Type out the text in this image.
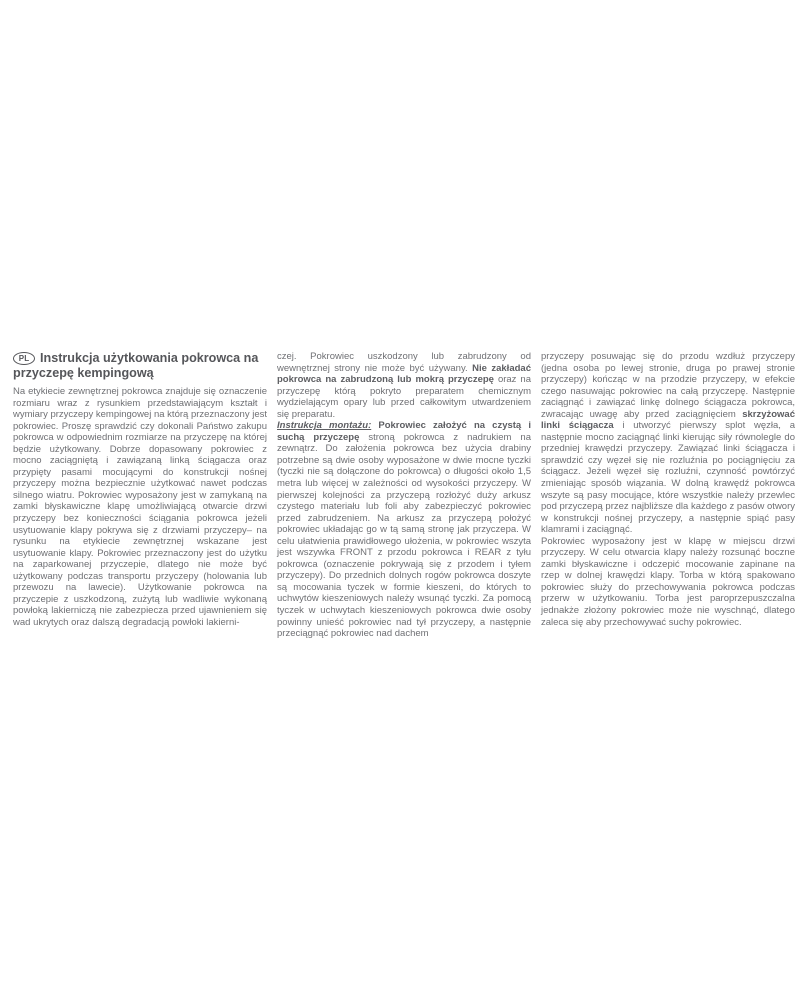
PL Instrukcja użytkowania pokrowca na przyczepę kempingową

Na etykiecie zewnętrznej pokrowca znajduje się oznaczenie rozmiaru wraz z rysunkiem przedstawiającym kształt i wymiary przyczepy kempingowej na którą przeznaczony jest pokrowiec. Proszę sprawdzić czy dokonali Państwo zakupu pokrowca w odpowiednim rozmiarze na przyczepę na której będzie użytkowany. Dobrze dopasowany pokrowiec z mocno zaciągniętą i zawiązaną linką ściągacza oraz przypięty pasami mocującymi do konstrukcji nośnej przyczepy można bezpiecznie użytkować nawet podczas silnego wiatru. Pokrowiec wyposażony jest w zamykaną na zamki błyskawiczne klapę umożliwiającą otwarcie drzwi przyczepy bez konieczności ściągania pokrowca jeżeli usytuowanie klapy pokrywa się z drzwiami przyczepy– na rysunku na etykiecie zewnętrznej wskazane jest usytuowanie klapy. Pokrowiec przeznaczony jest do użytku na zaparkowanej przyczepie, dlatego nie może być użytkowany podczas transportu przyczepy (holowania lub przewozu na lawecie). Użytkowanie pokrowca na przyczepie z uszkodzoną, zużytą lub wadliwie wykonaną powłoką lakierniczą nie zabezpiecza przed ujawnieniem się wad ukrytych oraz dalszą degradacją powłoki lakierni-

czej. Pokrowiec uszkodzony lub zabrudzony od wewnętrznej strony nie może być używany. Nie zakładać pokrowca na zabrudzoną lub mokrą przyczepę oraz na przyczepę którą pokryto preparatem chemicznym wydzielającym opary lub przed całkowitym utwardzeniem się preparatu.

Instrukcja montażu: Pokrowiec założyć na czystą i suchą przyczepę stroną pokrowca z nadrukiem na zewnątrz. Do założenia pokrowca bez użycia drabiny potrzebne są dwie osoby wyposażone w dwie mocne tyczki (tyczki nie są dołączone do pokrowca) o długości około 1,5 metra lub więcej w zależności od wysokości przyczepy. W pierwszej kolejności za przyczepą rozłożyć duży arkusz czystego materiału lub foli aby zabezpieczyć pokrowiec przed zabrudzeniem. Na arkusz za przyczepą położyć pokrowiec układając go w tą samą stronę jak przyczepa. W celu ułatwienia prawidłowego ułożenia, w pokrowiec wszyta jest wszywka FRONT z przodu pokrowca i REAR z tyłu pokrowca (oznaczenie pokrywają się z przodem i tyłem przyczepy). Do przednich dolnych rogów pokrowca doszyte są mocowania tyczek w formie kieszeni, do których to uchwytów kieszeniowych należy wsunąć tyczki. Za pomocą tyczek w uchwytach kieszeniowych pokrowca dwie osoby powinny unieść pokrowiec nad tył przyczepy, a następnie przeciągnąć pokrowiec nad dachem

przyczepy posuwając się do przodu wzdłuż przyczepy (jedna osoba po lewej stronie, druga po prawej stronie przyczepy) kończąc w na przodzie przyczepy, w efekcie czego nasuwając pokrowiec na całą przyczepę. Następnie zaciągnąć i zawiązać linkę dolnego ściągacza pokrowca, zwracając uwagę aby przed zaciągnięciem skrzyżować linki ściągacza i utworzyć pierwszy splot węzła, a następnie mocno zaciągnąć linki kierując siły równolegle do przedniej krawędzi przyczepy. Zawiązać linki ściągacza i sprawdzić czy węzeł się nie rozluźnia po pociągnięciu za ściągacz. Jeżeli węzeł się rozluźni, czynność powtórzyć zmieniając sposób wiązania. W dolną krawędź pokrowca wszyte są pasy mocujące, które wszystkie należy przewlec pod przyczepą przez najbliższe dla każdego z pasów otwory w konstrukcji nośnej przyczepy, a następnie spiąć pasy klamrami i zaciągnąć.

Pokrowiec wyposażony jest w klapę w miejscu drzwi przyczepy. W celu otwarcia klapy należy rozsunąć boczne zamki błyskawiczne i odczepić mocowanie zapinane na rzep w dolnej krawędzi klapy. Torba w którą spakowano pokrowiec służy do przechowywania pokrowca podczas przerw w użytkowaniu. Torba jest paroprzepuszczalna jednakże złożony pokrowiec może nie wyschnąć, dlatego zaleca się aby przechowywać suchy pokrowiec.
